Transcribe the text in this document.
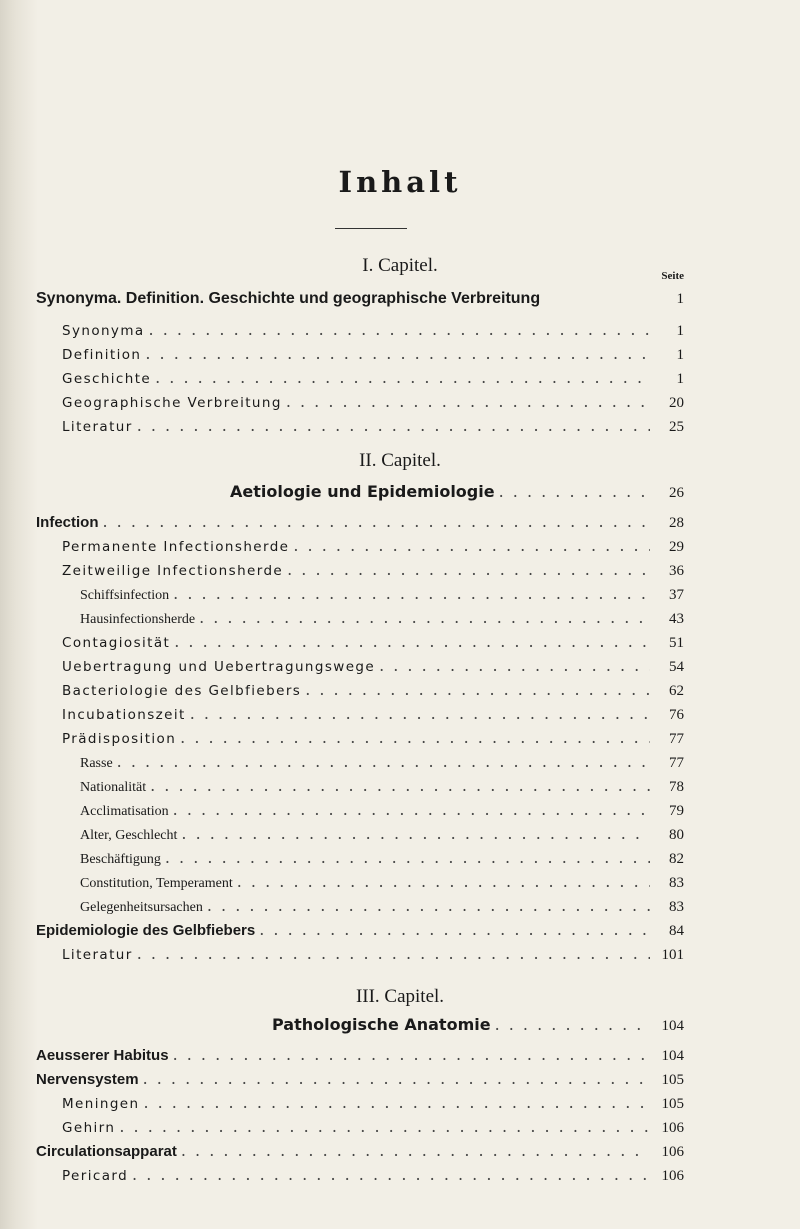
Inhalt
I. Capitel.	Seite
Synonyma. Definition. Geschichte und geographische Verbreitung	1
Synonyma . . .	1
Definition . . .	1
Geschichte . . .	1
Geographische Verbreitung . . .	20
Literatur . . .	25
II. Capitel.
Aetiologie und Epidemiologie . . .	26
Infection . . .	28
Permanente Infectionsherde . . .	29
Zeitweilige Infectionsherde . . .	36
Schiffsinfection . . .	37
Hausinfectionsherde . . .	43
Contagiosität . . .	51
Uebertragung und Uebertragungswege . . .	54
Bacteriologie des Gelbfiebers . . .	62
Incubationszeit . . .	76
Prädisposition . . .	77
Rasse . . .	77
Nationalität . . .	78
Acclimatisation . . .	79
Alter, Geschlecht . . .	80
Beschäftigung . . .	82
Constitution, Temperament . . .	83
Gelegenheitsursachen . . .	83
Epidemiologie des Gelbfiebers . . .	84
Literatur . . .	101
III. Capitel.
Pathologische Anatomie . . .	104
Aeusserer Habitus . . .	104
Nervensystem . . .	105
Meningen . . .	105
Gehirn . . .	106
Circulationsapparat . . .	106
Pericard . . .	106
